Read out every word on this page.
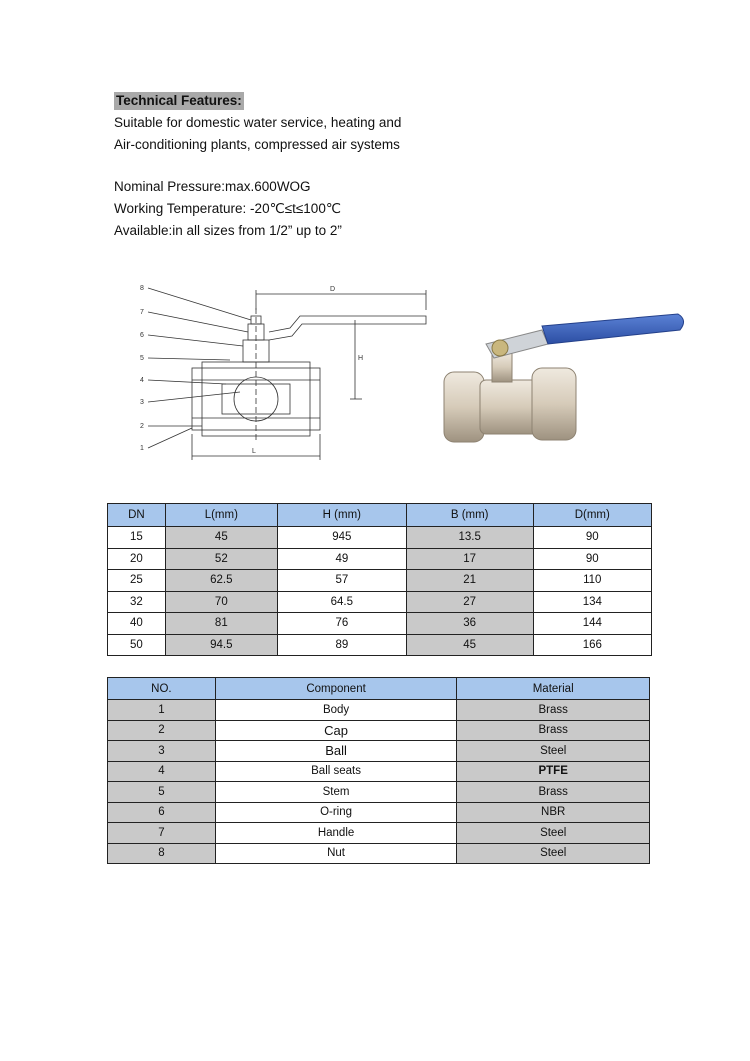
Technical Features:
Suitable for domestic water service, heating and
Air-conditioning plants, compressed air systems
Nominal Pressure:max.600WOG
Working Temperature: -20℃≤t≤100℃
Available:in all sizes from 1/2” up to 2”
8
7
6
5
4
3
2
1
D
H
L
DN	L(mm)	H (mm)	B (mm)	D(mm)
15	45	945	13.5	90
20	52	49	17	90
25	62.5	57	21	110
32	70	64.5	27	134
40	81	76	36	144
50	94.5	89	45	166
NO.	Component	Material
1	Body	Brass
2	Cap	Brass
3	Ball	Steel
4	Ball seats	PTFE
5	Stem	Brass
6	O-ring	NBR
7	Handle	Steel
8	Nut	Steel
